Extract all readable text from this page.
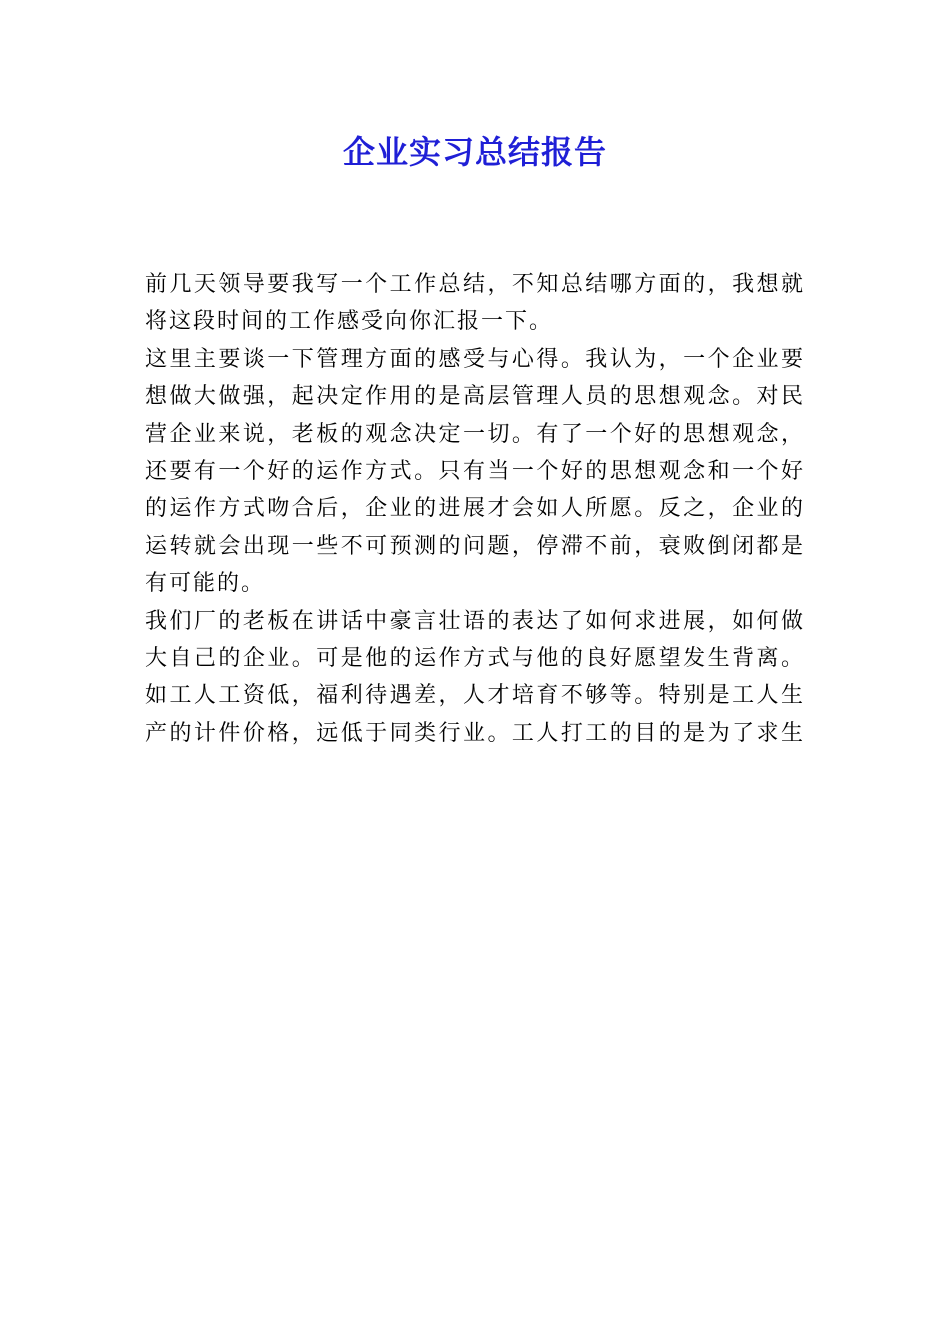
企业实习总结报告
前几天领导要我写一个工作总结，不知总结哪方面的，我想就
将这段时间的工作感受向你汇报一下。
这里主要谈一下管理方面的感受与心得。我认为，一个企业要
想做大做强，起决定作用的是高层管理人员的思想观念。对民
营企业来说，老板的观念决定一切。有了一个好的思想观念，
还要有一个好的运作方式。只有当一个好的思想观念和一个好
的运作方式吻合后，企业的进展才会如人所愿。反之，企业的
运转就会出现一些不可预测的问题，停滞不前，衰败倒闭都是
有可能的。
我们厂的老板在讲话中豪言壮语的表达了如何求进展，如何做
大自己的企业。可是他的运作方式与他的良好愿望发生背离。
如工人工资低，福利待遇差，人才培育不够等。特别是工人生
产的计件价格，远低于同类行业。工人打工的目的是为了求生
